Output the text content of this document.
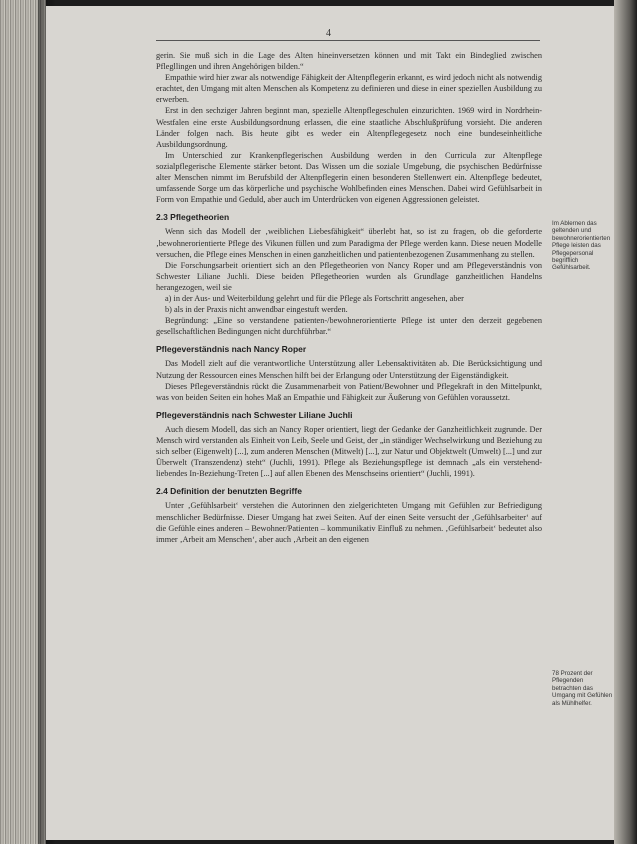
4

gerin. Sie muß sich in die Lage des Alten hineinversetzen können und mit Takt ein Bindeglied zwischen Pflegllingen und ihren Angehörigen bilden.“

Empathie wird hier zwar als notwendige Fähigkeit der Altenpflegerin erkannt, es wird jedoch nicht als notwendig erachtet, den Umgang mit alten Menschen als Kompetenz zu definieren und diese in einer speziellen Ausbildung zu erwerben.

Erst in den sechziger Jahren beginnt man, spezielle Altenpflegeschulen einzurichten. 1969 wird in Nordrhein-Westfalen eine erste Ausbildungsordnung erlassen, die eine staatliche Abschlußprüfung vorsieht. Die anderen Länder folgen nach. Bis heute gibt es weder ein Altenpflegegesetz noch eine bundeseinheitliche Ausbildungsordnung.

Im Unterschied zur Krankenpflegerischen Ausbildung werden in den Curricula zur Altenpflege sozialpflegerische Elemente stärker betont. Das Wissen um die soziale Umgebung, die psychischen Bedürfnisse alter Menschen nimmt im Berufsbild der Altenpflegerin einen besonderen Stellenwert ein. Altenpflege bedeutet, umfassende Sorge um das körperliche und psychische Wohlbefinden eines Menschen. Dabei wird Gefühlsarbeit in Form von Empathie und Geduld, aber auch im Unterdrücken von eigenen Aggressionen geleistet.

2.3 Pflegetheorien

Wenn sich das Modell der ‚weiblichen Liebesfähigkeit“ überlebt hat, so ist zu fragen, ob die geforderte ‚bewohnerorientierte Pflege des Vikunen füllen und zum Paradigma der Pflege werden kann. Diese neuen Modelle versuchen, die Pflege eines Menschen in einen ganzheitlichen und patientenbezogenen Zusammenhang zu stellen.

Die Forschungsarbeit orientiert sich an den Pflegetheorien von Nancy Roper und am Pflegeverständnis von Schwester Liliane Juchli. Diese beiden Pflegetheorien wurden als Grundlage ganzheitlichen Handelns herangezogen, weil sie

a) in der Aus- und Weiterbildung gelehrt und für die Pflege als Fortschritt angesehen, aber
b) als in der Praxis nicht anwendbar eingestuft werden.

Begründung: „Eine so verstandene patienten-/bewohnerorientierte Pflege ist unter den derzeit gegebenen gesellschaftlichen Bedingungen nicht durchführbar.“

Pflegeverständnis nach Nancy Roper

Das Modell zielt auf die verantwortliche Unterstützung aller Lebensaktivitäten ab. Die Berücksichtigung und Nutzung der Ressourcen eines Menschen hilft bei der Erlangung oder Unterstützung der Eigenständigkeit.

Dieses Pflegeverständnis rückt die Zusammenarbeit von Patient/Bewohner und Pflegekraft in den Mittelpunkt, was von beiden Seiten ein hohes Maß an Empathie und Fähigkeit zur Äußerung von Gefühlen voraussetzt.

Pflegeverständnis nach Schwester Liliane Juchli

Auch diesem Modell, das sich an Nancy Roper orientiert, liegt der Gedanke der Ganzheitlichkeit zugrunde. Der Mensch wird verstanden als Einheit von Leib, Seele und Geist, der „in ständiger Wechselwirkung und Beziehung zu sich selber (Eigenwelt) [...], zum anderen Menschen (Mitwelt) [...], zur Natur und Objektwelt (Umwelt) [...] und zur Überwelt (Transzendenz) steht“ (Juchli, 1991). Pflege als Beziehungspflege ist demnach „als ein verstehend-liebendes In-Beziehung-Treten [...] auf allen Ebenen des Menschseins orientiert“ (Juchli, 1991).

2.4 Definition der benutzten Begriffe

Unter ‚Gefühlsarbeit‘ verstehen die Autorinnen den zielgerichteten Umgang mit Gefühlen zur Befriedigung menschlicher Bedürfnisse. Dieser Umgang hat zwei Seiten. Auf der einen Seite versucht der ‚Gefühlsarbeiter‘ auf die Gefühle eines anderen – Bewohner/Patienten – kommunikativ Einfluß zu nehmen. ‚Gefühlsarbeit‘ bedeutet also immer ‚Arbeit am Menschen‘, aber auch ‚Arbeit an den eigenen

Im Ablernen das geltenden und bewohnerorientierten Pflege leisten das Pflegepersonal begrifflich Gefühlsarbeit.
78 Prozent der Pflegenden betrachten das Umgang mit Gefühlen als Mühlhelfer.
